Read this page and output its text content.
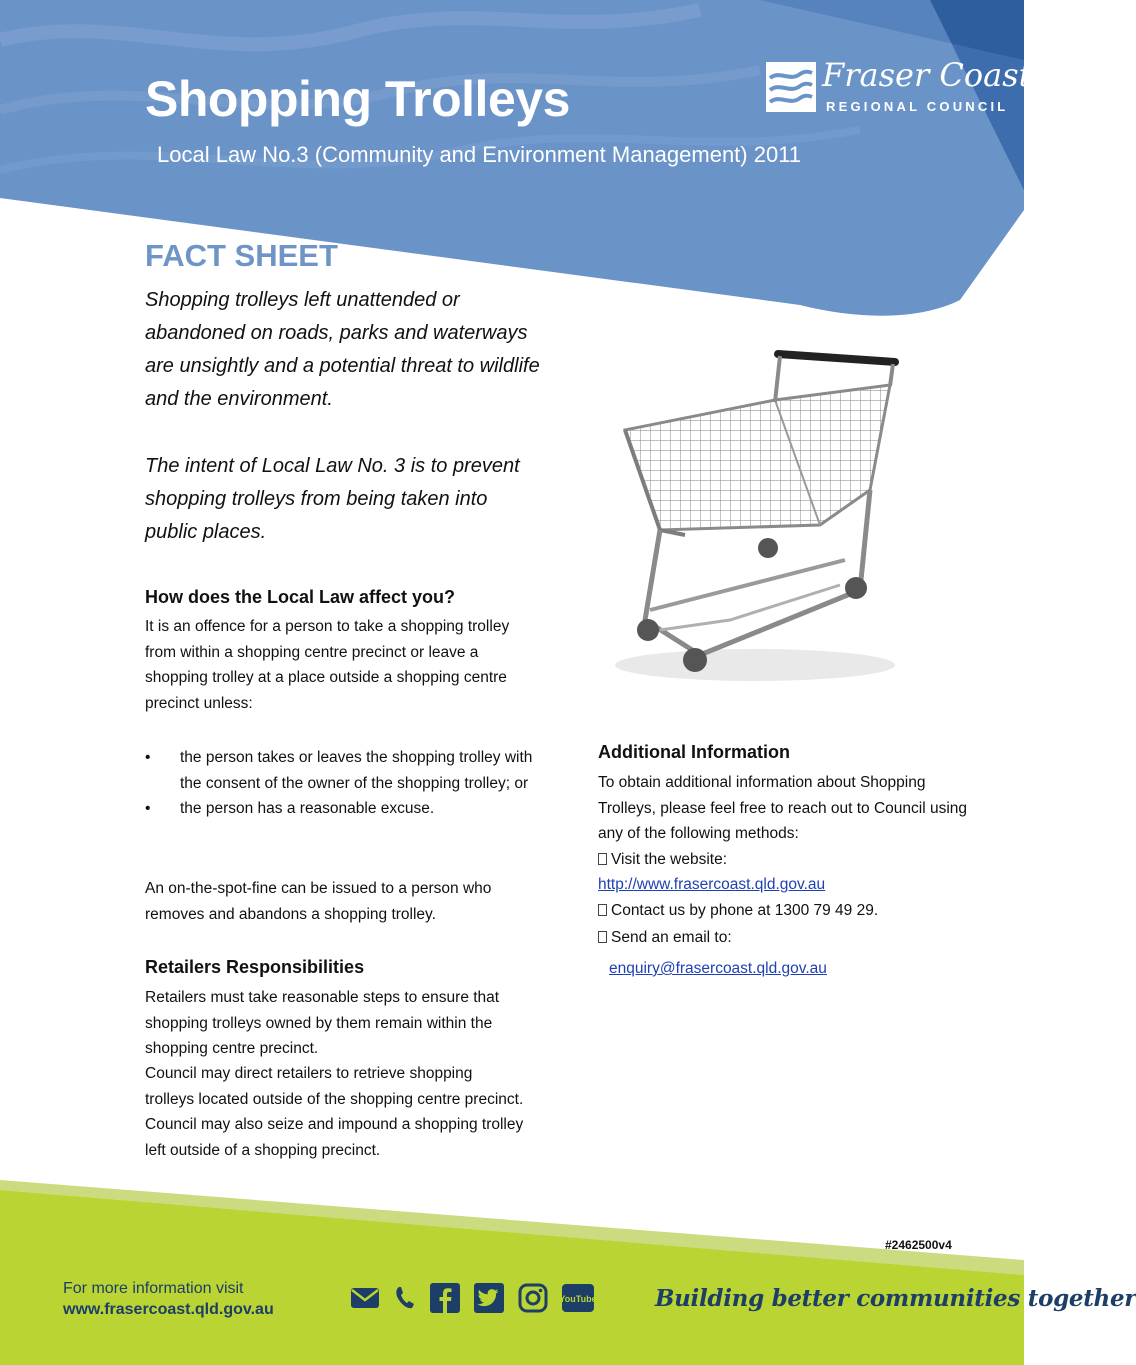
Shopping Trolleys
Local Law No.3 (Community and Environment Management) 2011
Fraser Coast
REGIONAL COUNCIL
FACT SHEET

Shopping trolleys left unattended or abandoned on roads, parks and waterways are unsightly and a potential threat to wildlife and the environment.

The intent of Local Law No. 3 is to prevent shopping trolleys from being taken into public places.

How does the Local Law affect you?

It is an offence for a person to take a shopping trolley from within a shopping centre precinct or leave a shopping trolley at a place outside a shopping centre precinct unless:

• the person takes or leaves the shopping trolley with the consent of the owner of the shopping trolley; or
• the person has a reasonable excuse.

An on-the-spot-fine can be issued to a person who removes and abandons a shopping trolley.

Retailers Responsibilities

Retailers must take reasonable steps to ensure that shopping trolleys owned by them remain within the shopping centre precinct.

Council may direct retailers to retrieve shopping trolleys located outside of the shopping centre precinct. Council may also seize and impound a shopping trolley left outside of a shopping precinct.

Additional Information

To obtain additional information about Shopping Trolleys, please feel free to reach out to Council using any of the following methods:

Visit the website:
http://www.frasercoast.qld.gov.au
Contact us by phone at 1300 79 49 29.
Send an email to:
enquiry@frasercoast.qld.gov.au
#2462500v4
For more information visit
www.frasercoast.qld.gov.au
YouTube	Building better communities together
